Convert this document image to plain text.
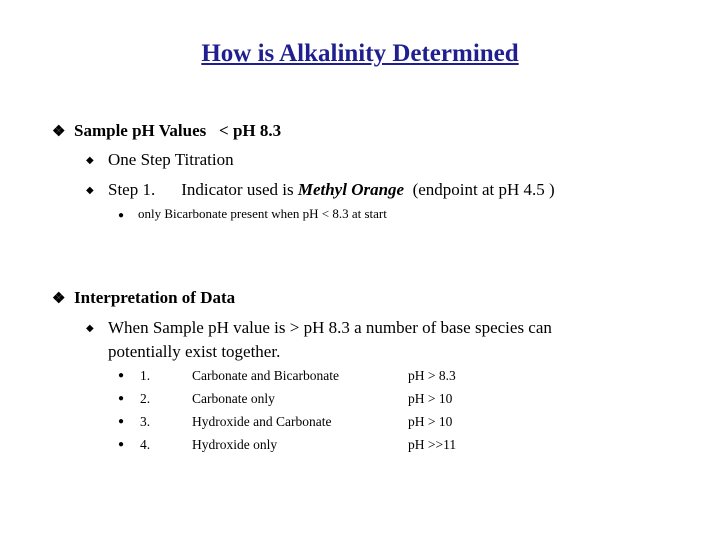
How is Alkalinity Determined
❖ Sample pH Values   < pH 8.3
◆ One Step Titration
◆ Step 1. Indicator used is Methyl Orange (endpoint at pH 4.5 )
● only Bicarbonate present when pH < 8.3 at start
❖ Interpretation of Data
◆ When Sample pH value is > pH 8.3 a number of base species can
potentially exist together.
● 1.	Carbonate and Bicarbonate	pH > 8.3
● 2.	Carbonate only	pH > 10
● 3.	Hydroxide and Carbonate	pH > 10
● 4.	Hydroxide only	pH >>11
